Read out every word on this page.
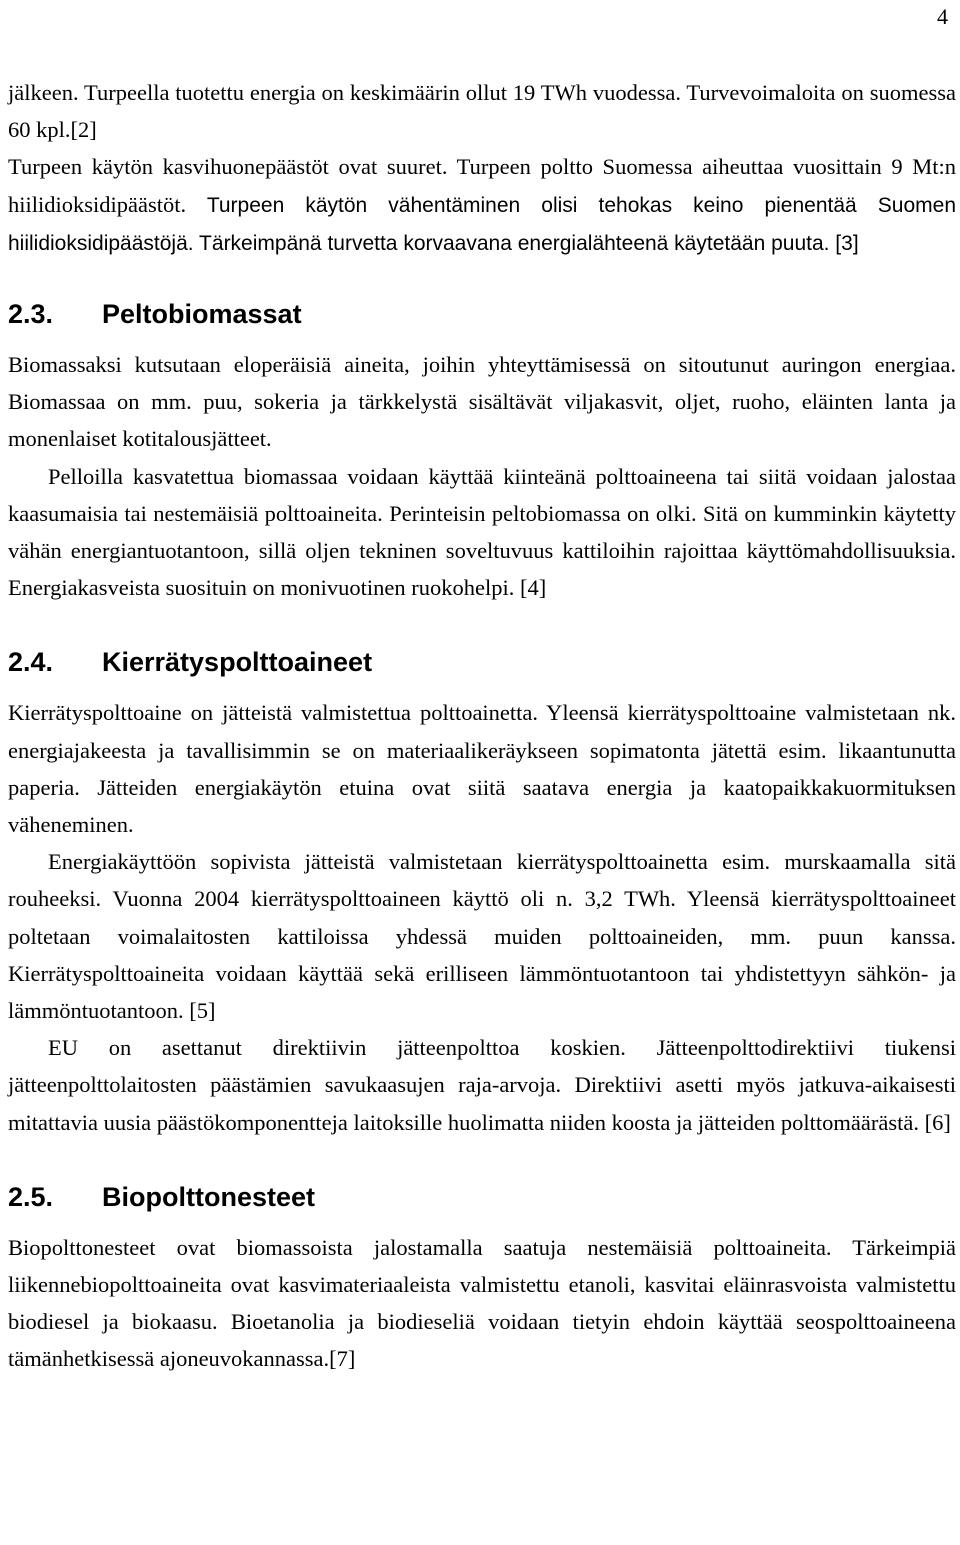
4

jälkeen. Turpeella tuotettu energia on keskimäärin ollut 19 TWh vuodessa. Turvevoimaloita on suomessa 60 kpl.[2]

Turpeen käytön kasvihuonepäästöt ovat suuret. Turpeen poltto Suomessa aiheuttaa vuosittain 9 Mt:n hiilidioksidipäästöt. Turpeen käytön vähentäminen olisi tehokas keino pienentää Suomen hiilidioksidipäästöjä. Tärkeimpänä turvetta korvaavana energialähteenä käytetään puuta. [3]

2.3. Peltobiomassat

Biomassaksi kutsutaan eloperäisiä aineita, joihin yhteyttämisessä on sitoutunut auringon energiaa. Biomassaa on mm. puu, sokeria ja tärkkelystä sisältävät viljakasvit, oljet, ruoho, eläinten lanta ja monenlaiset kotitalousjätteet.

Pelloilla kasvatettua biomassaa voidaan käyttää kiinteänä polttoaineena tai siitä voidaan jalostaa kaasumaisia tai nestemäisiä polttoaineita. Perinteisin peltobiomassa on olki. Sitä on kumminkin käytetty vähän energiantuotantoon, sillä oljen tekninen soveltuvuus kattiloihin rajoittaa käyttömahdollisuuksia. Energiakasveista suosituin on monivuotinen ruokohelpi. [4]

2.4. Kierrätyspolttoaineet

Kierrätyspolttoaine on jätteistä valmistettua polttoainetta. Yleensä kierrätyspolttoaine valmistetaan nk. energiajakeesta ja tavallisimmin se on materiaalikeräykseen sopimatonta jätettä esim. likaantunutta paperia. Jätteiden energiakäytön etuina ovat siitä saatava energia ja kaatopaikkakuormituksen väheneminen.

Energiakäyttöön sopivista jätteistä valmistetaan kierrätyspolttoainetta esim. murskaamalla sitä rouheeksi. Vuonna 2004 kierrätyspolttoaineen käyttö oli n. 3,2 TWh. Yleensä kierrätyspolttoaineet poltetaan voimalaitosten kattiloissa yhdessä muiden polttoaineiden, mm. puun kanssa. Kierrätyspolttoaineita voidaan käyttää sekä erilliseen lämmöntuotantoon tai yhdistettyyn sähkön- ja lämmöntuotantoon. [5]

EU on asettanut direktiivin jätteenpolttoa koskien. Jätteenpolttodirektiivi tiukensi jätteenpolttolaitosten päästämien savukaasujen raja-arvoja. Direktiivi asetti myös jatkuva-aikaisesti mitattavia uusia päästökomponentteja laitoksille huolimatta niiden koosta ja jätteiden polttomäärästä. [6]

2.5. Biopolttonesteet

Biopolttonesteet ovat biomassoista jalostamalla saatuja nestemäisiä polttoaineita. Tärkeimpiä liikennebiopolttoaineita ovat kasvimateriaaleista valmistettu etanoli, kasvitai eläinrasvoista valmistettu biodiesel ja biokaasu. Bioetanolia ja biodieseliä voidaan tietyin ehdoin käyttää seospolttoaineena tämänhetkisessä ajoneuvokannassa.[7]
